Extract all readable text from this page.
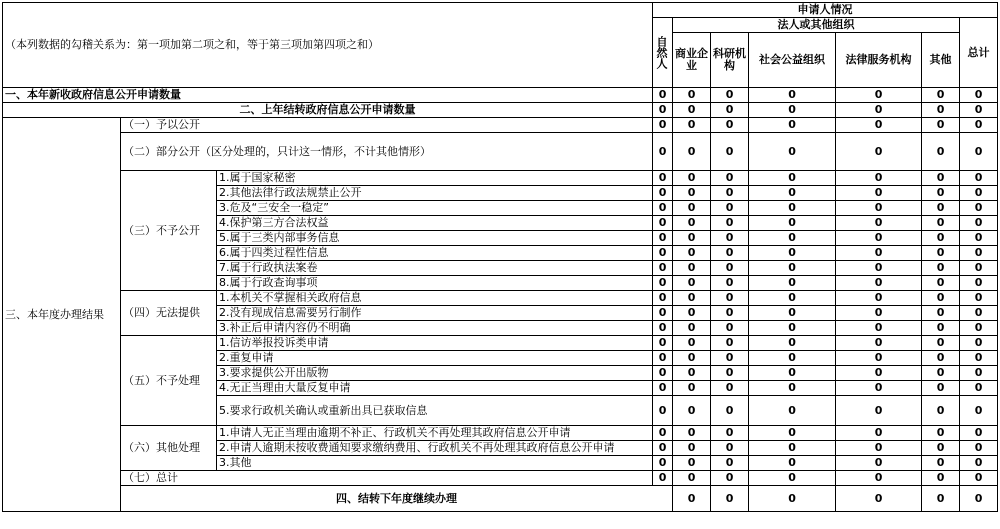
（本列数据的勾稽关系为：第一项加第二项之和，等于第三项加第四项之和）			申请人情况							

			自然人	法人或其他组织					总计	
				商业企业	科研机构	社会公益组织	法律服务机构	其他		
一、本年新收政府信息公开申请数量			0	0	0	0	0	0	0	
二、上年结转政府信息公开申请数量			0	0	0	0	0	0	0	
三、本年度办理结果	（一）予以公开		0	0	0	0	0	0	0	
	（二）部分公开（区分处理的，只计这一情形，不计其他情形）		0	0	0	0	0	0	0	
	（三）不予公开	1.属于国家秘密	0	0	0	0	0	0	0	
		2.其他法律行政法规禁止公开	0	0	0	0	0	0	0	
		3.危及“三安全一稳定”	0	0	0	0	0	0	0	
		4.保护第三方合法权益	0	0	0	0	0	0	0	
		5.属于三类内部事务信息	0	0	0	0	0	0	0	
		6.属于四类过程性信息	0	0	0	0	0	0	0	
		7.属于行政执法案卷	0	0	0	0	0	0	0	
		8.属于行政查询事项	0	0	0	0	0	0	0	
	（四）无法提供	1.本机关不掌握相关政府信息	0	0	0	0	0	0	0	
		2.没有现成信息需要另行制作	0	0	0	0	0	0	0	
		3.补正后申请内容仍不明确	0	0	0	0	0	0	0	
	（五）不予处理	1.信访举报投诉类申请	0	0	0	0	0	0	0	
		2.重复申请	0	0	0	0	0	0	0	
		3.要求提供公开出版物	0	0	0	0	0	0	0	
		4.无正当理由大量反复申请	0	0	0	0	0	0	0	
		5.要求行政机关确认或重新出具已获取信息	0	0	0	0	0	0	0	
	（六）其他处理	1.申请人无正当理由逾期不补正、行政机关不再处理其政府信息公开申请	0	0	0	0	0	0	0	
		2.申请人逾期未按收费通知要求缴纳费用、行政机关不再处理其政府信息公开申请	0	0	0	0	0	0	0	
		3.其他	0	0	0	0	0	0	0	
	（七）总计		0	0	0	0	0	0	0	
	四、结转下年度继续办理			0	0	0	0	0	0	
